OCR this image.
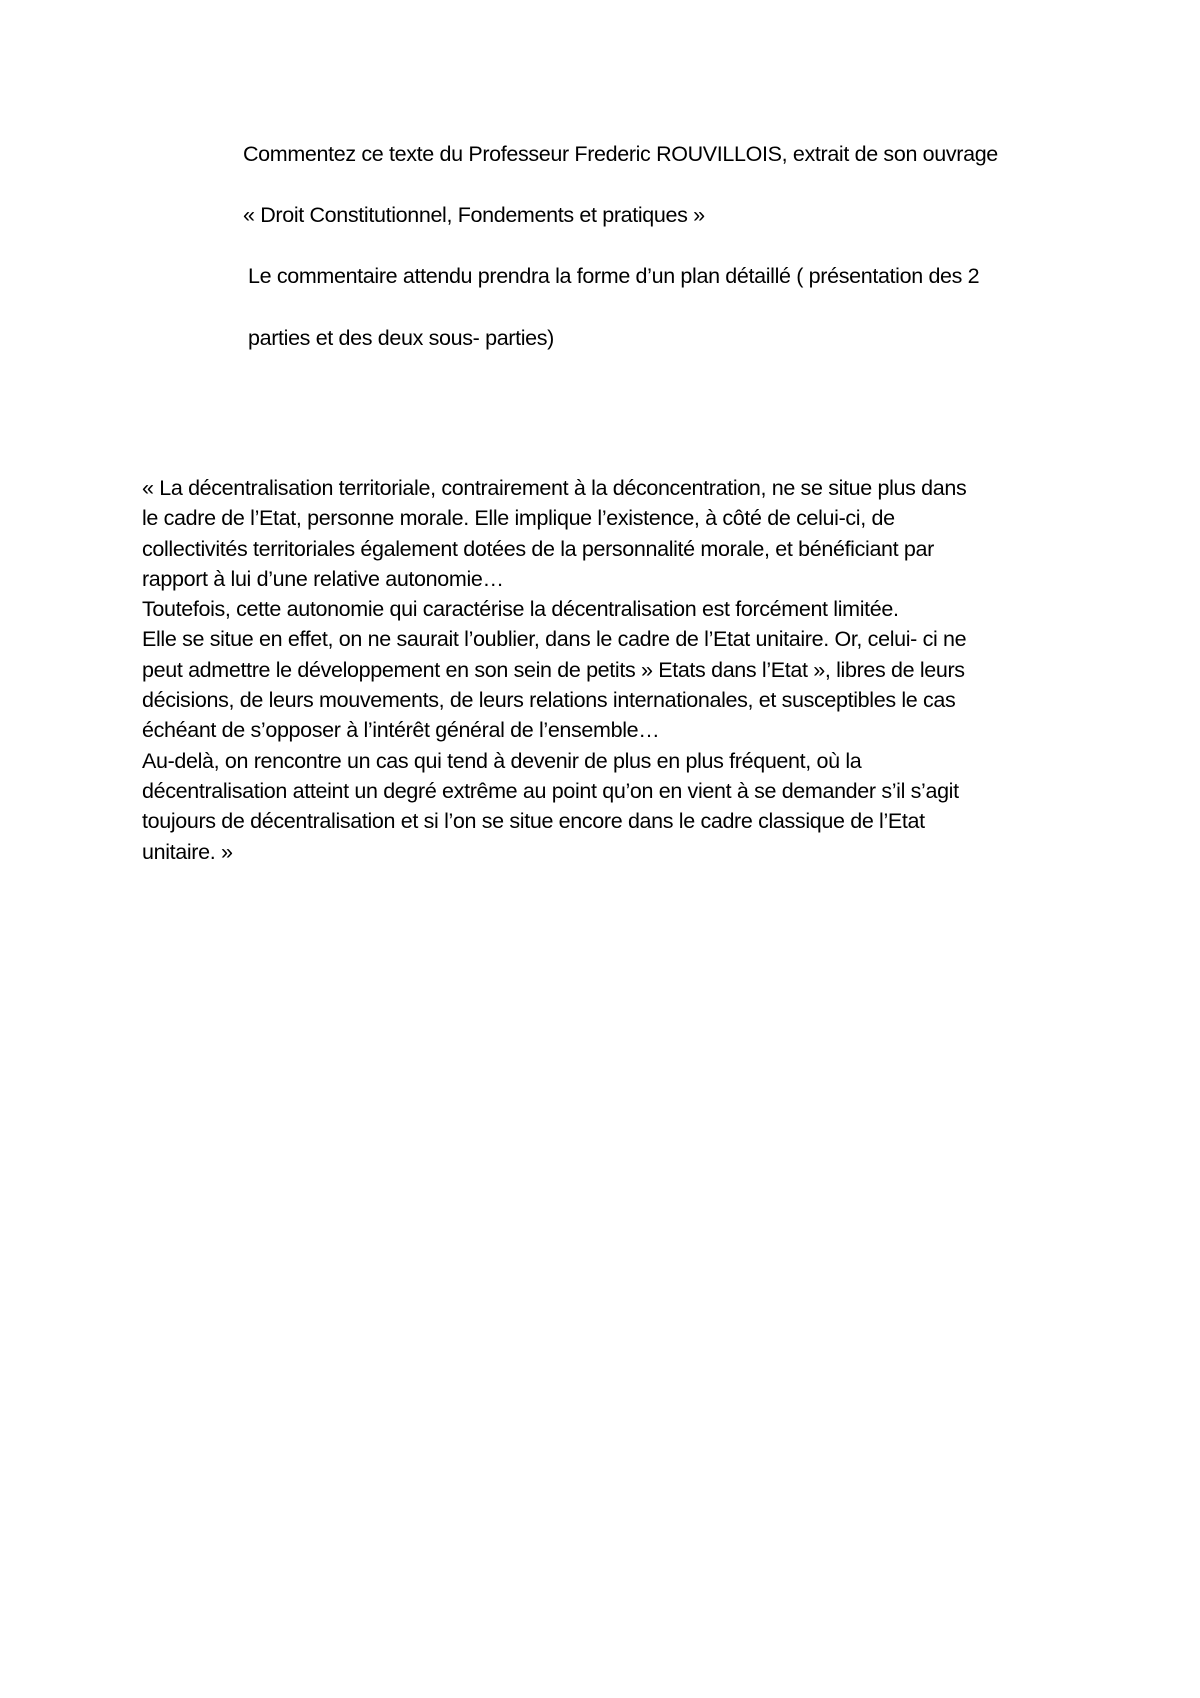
Commentez ce texte du Professeur Frederic ROUVILLOIS, extrait de son ouvrage
« Droit Constitutionnel, Fondements et pratiques »
Le commentaire attendu prendra la forme d’un plan détaillé ( présentation des 2
parties et des deux sous- parties)
« La décentralisation territoriale, contrairement à la déconcentration, ne se situe plus dans
le cadre de l’Etat, personne morale. Elle implique l’existence, à côté de celui-ci, de
collectivités territoriales également dotées de la personnalité morale, et bénéficiant par
rapport à lui d’une relative autonomie…
Toutefois, cette autonomie qui caractérise la décentralisation est forcément limitée.
Elle se situe en effet, on ne saurait l’oublier, dans le cadre de l’Etat unitaire. Or, celui- ci ne
peut admettre le développement en son sein de petits » Etats dans l’Etat », libres de leurs
décisions, de leurs mouvements, de leurs relations internationales, et susceptibles le cas
échéant de s’opposer à l’intérêt général de l’ensemble…
Au-delà, on rencontre un cas qui tend à devenir de plus en plus fréquent, où la
décentralisation atteint un degré extrême au point qu’on en vient à se demander s’il s’agit
toujours de décentralisation et si l’on se situe encore dans le cadre classique de l’Etat
unitaire. »
